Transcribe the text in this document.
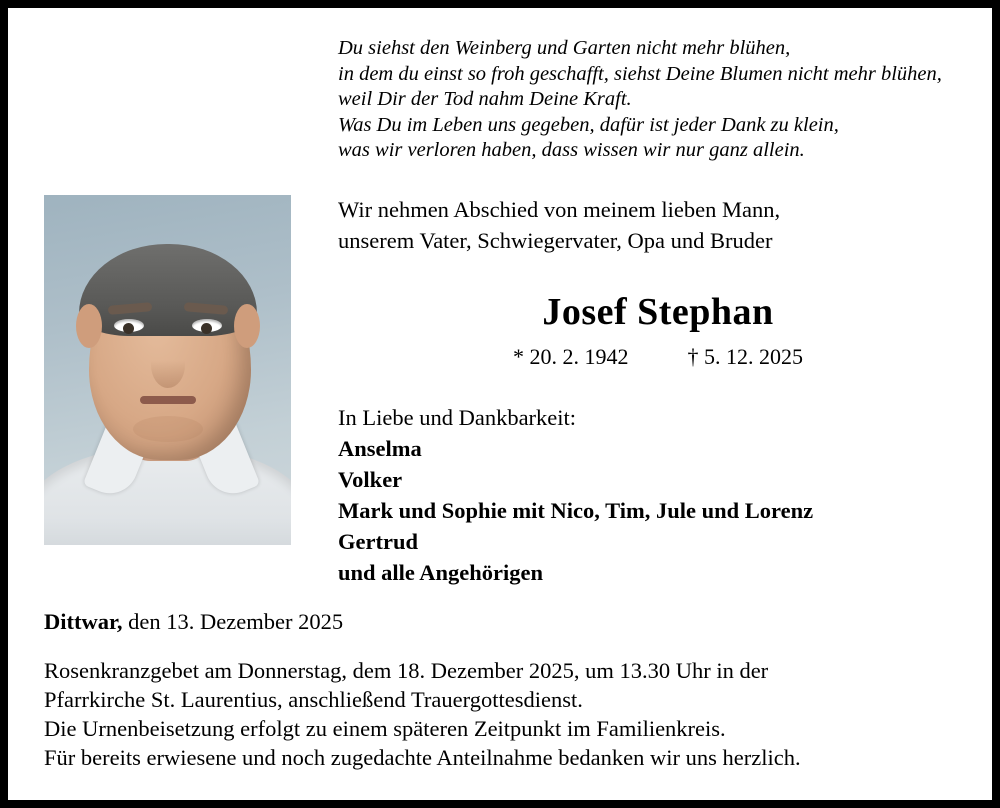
Du siehst den Weinberg und Garten nicht mehr blühen,
in dem du einst so froh geschafft, siehst Deine Blumen nicht mehr blühen,
weil Dir der Tod nahm Deine Kraft.
Was Du im Leben uns gegeben, dafür ist jeder Dank zu klein,
was wir verloren haben, dass wissen wir nur ganz allein.
Wir nehmen Abschied von meinem lieben Mann,
unserem Vater, Schwiegervater, Opa und Bruder
Josef Stephan
* 20. 2. 1942	† 5. 12. 2025
In Liebe und Dankbarkeit:
Anselma
Volker
Mark und Sophie mit Nico, Tim, Jule und Lorenz
Gertrud
und alle Angehörigen
Dittwar, den 13. Dezember 2025
Rosenkranzgebet am Donnerstag, dem 18. Dezember 2025, um 13.30 Uhr in der
Pfarrkirche St. Laurentius, anschließend Trauergottesdienst.
Die Urnenbeisetzung erfolgt zu einem späteren Zeitpunkt im Familienkreis.
Für bereits erwiesene und noch zugedachte Anteilnahme bedanken wir uns herzlich.
